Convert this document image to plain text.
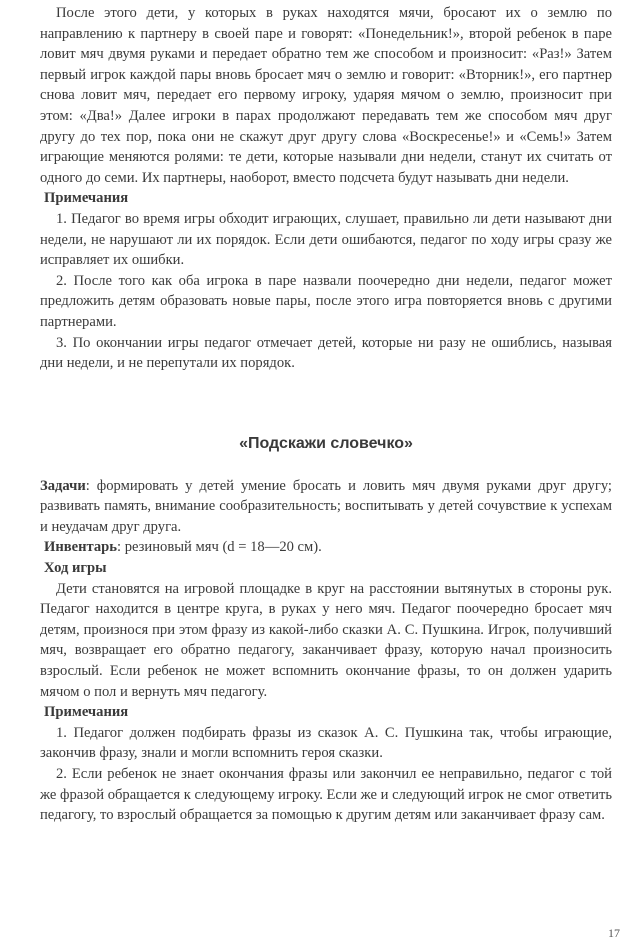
После этого дети, у которых в руках находятся мячи, бросают их о землю по направлению к партнеру в своей паре и говорят: «Понедельник!», второй ребенок в паре ловит мяч двумя руками и передает обратно тем же способом и произносит: «Раз!» Затем первый игрок каждой пары вновь бросает мяч о землю и говорит: «Вторник!», его партнер снова ловит мяч, передает его первому игроку, ударяя мячом о землю, произносит при этом: «Два!» Далее игроки в парах продолжают передавать тем же способом мяч друг другу до тех пор, пока они не скажут друг другу слова «Воскресенье!» и «Семь!» Затем играющие меняются ролями: те дети, которые называли дни недели, станут их считать от одного до семи. Их партнеры, наоборот, вместо подсчета будут называть дни недели.

Примечания

1. Педагог во время игры обходит играющих, слушает, правильно ли дети называют дни недели, не нарушают ли их порядок. Если дети ошибаются, педагог по ходу игры сразу же исправляет их ошибки.

2. После того как оба игрока в паре назвали поочередно дни недели, педагог может предложить детям образовать новые пары, после этого игра повторяется вновь с другими партнерами.

3. По окончании игры педагог отмечает детей, которые ни разу не ошиблись, называя дни недели, и не перепутали их порядок.

«Подскажи словечко»

Задачи: формировать у детей умение бросать и ловить мяч двумя руками друг другу; развивать память, внимание сообразительность; воспитывать у детей сочувствие к успехам и неудачам друг друга.

Инвентарь: резиновый мяч (d = 18—20 см).

Ход игры

Дети становятся на игровой площадке в круг на расстоянии вытянутых в стороны рук. Педагог находится в центре круга, в руках у него мяч. Педагог поочередно бросает мяч детям, произнося при этом фразу из какой-либо сказки А. С. Пушкина. Игрок, получивший мяч, возвращает его обратно педагогу, заканчивает фразу, которую начал произносить взрослый. Если ребенок не может вспомнить окончание фразы, то он должен ударить мячом о пол и вернуть мяч педагогу.

Примечания

1. Педагог должен подбирать фразы из сказок А. С. Пушкина так, чтобы играющие, закончив фразу, знали и могли вспомнить героя сказки.

2. Если ребенок не знает окончания фразы или закончил ее неправильно, педагог с той же фразой обращается к следующему игроку. Если же и следующий игрок не смог ответить педагогу, то взрослый обращается за помощью к другим детям или заканчивает фразу сам.

17
